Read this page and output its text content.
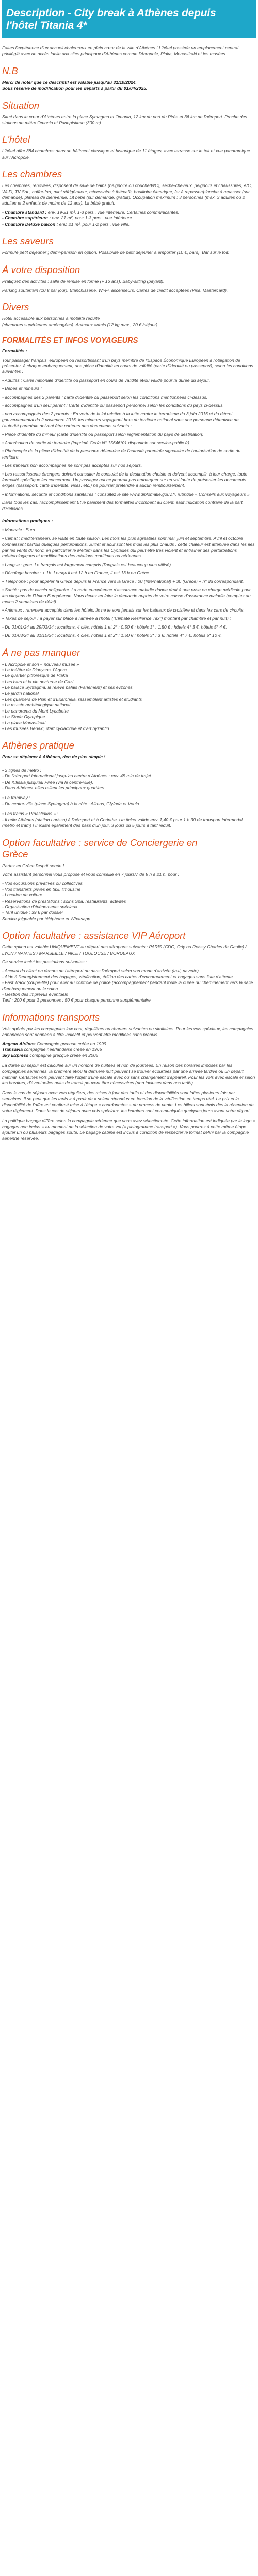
Description - City break à Athènes depuis
l'hôtel Titania 4*

Faites l'expérience d'un accueil chaleureux en plein cœur de la ville d'Athènes ! L'hôtel possède un emplacement central privilégié avec un accès facile aux sites principaux d'Athènes comme l'Acropole, Plaka, Monastiraki et les musées.

N.B

Merci de noter que ce descriptif est valable jusqu'au 31/10/2024.

Sous réserve de modification pour les départs à partir du 01/04/2025.

Situation

Situé dans le cœur d'Athènes entre la place Syntagma et Omonia, 12 km du port du Pirée et 36 km de l'aéroport. Proche des stations de métro Omonia et Panepistimio (300 m).

L'hôtel

L'hôtel offre 384 chambres dans un bâtiment classique et historique de 11 étages, avec terrasse sur le toit et vue panoramique sur l'Acropole.

Les chambres

Les chambres, rénovées, disposent de salle de bains (baignoire ou douche/WC), sèche-cheveux, peignoirs et chaussures, A/C, Wi-Fi, TV Sat., coffre-fort, mini réfrigérateur, nécessaire à thé/café, bouilloire électrique, fer à repasser/planche à repasser (sur demande), plateau de bienvenue. Lit bébé (sur demande, gratuit). Occupation maximum : 3 personnes (max. 3 adultes ou 2 adultes et 2 enfants de moins de 12 ans). Lit bébé gratuit.

- Chambre standard : env. 19-21 m², 1-3 pers., vue intérieure. Certaines communicantes.

- Chambre supérieure : env. 21 m², pour 1-3 pers., vue intérieure.

- Chambre Deluxe balcon : env. 21 m², pour 1-2 pers., vue ville.

Les saveurs

Formule petit déjeuner ; demi-pension en option. Possibilité de petit déjeuner à emporter (10 €, bars). Bar sur le toit.

À votre disposition

Pratiquez des activités : salle de remise en forme (+ 16 ans). Baby-sitting (payant).

Parking souterrain (10 € par jour). Blanchisserie. Wi-Fi, ascenseurs. Cartes de crédit acceptées (Visa, Mastercard).

Divers

Hôtel accessible aux personnes à mobilité réduite

(chambres supérieures aménagées). Animaux admis (12 kg max., 20 € /séjour).

FORMALITÉS ET INFOS VOYAGEURS

Formalités :

Tout passager français, européen ou ressortissant d'un pays membre de l'Espace Économique Européen a l'obligation de présenter, à chaque embarquement, une pièce d'identité en cours de validité (carte d'identité ou passeport), selon les conditions suivantes :

• Adultes : Carte nationale d'identité ou passeport en cours de validité et/ou valide pour la durée du séjour.

• Bébés et mineurs :

- accompagnés des 2 parents : carte d'identité ou passeport selon les conditions mentionnées ci-dessus.

- accompagnés d'un seul parent : Carte d'identité ou passeport personnel selon les conditions du pays ci-dessus.

- non accompagnés des 2 parents : En vertu de la loi relative à la lutte contre le terrorisme du 3 juin 2016 et du décret gouvernemental du 2 novembre 2016, les mineurs voyageant hors du territoire national sans une personne détentrice de l'autorité parentale doivent être porteurs des documents suivants :

• Pièce d'identité du mineur (carte d'identité ou passeport selon réglementation du pays de destination)

• Autorisation de sortie du territoire (imprimé Cerfa N° 15646*01 disponible sur service-public.fr)

• Photocopie de la pièce d'identité de la personne détentrice de l'autorité parentale signataire de l'autorisation de sortie du territoire.

- Les mineurs non accompagnés ne sont pas acceptés sur nos séjours.

• Les ressortissants étrangers doivent consulter le consulat de la destination choisie et doivent accomplir, à leur charge, toute formalité spécifique les concernant. Un passager qui ne pourrait pas embarquer sur un vol faute de présenter les documents exigés (passeport, carte d'identité, visas, etc.) ne pourrait prétendre à aucun remboursement.

• Informations, sécurité et conditions sanitaires : consultez le site www.diplomatie.gouv.fr, rubrique « Conseils aux voyageurs »

Dans tous les cas, l'accomplissement Et le paiement des formalités incombent au client, sauf indication contraire de la part d'Héliades.

Informations pratiques :

• Monnaie : Euro

• Climat : méditerranéen, se visite en toute saison. Les mois les plus agréables sont mai, juin et septembre. Avril et octobre connaissent parfois quelques perturbations. Juillet et août sont les mois les plus chauds ; cette chaleur est atténuée dans les îles par les vents du nord, en particulier le Meltem dans les Cyclades qui peut être très violent et entraîner des perturbations météorologiques et modifications des rotations maritimes ou aériennes.

• Langue : grec. Le français est largement compris (l'anglais est beaucoup plus utilisé).

• Décalage horaire : + 1h. Lorsqu'il est 12 h en France, il est 13 h en Grèce.

• Téléphone : pour appeler la Grèce depuis la France vers la Grèce : 00 (International) + 30 (Grèce) + n° du correspondant.

• Santé : pas de vaccin obligatoire. La carte européenne d'assurance maladie donne droit à une prise en charge médicale pour les citoyens de l'Union Européenne. Vous devez en faire la demande auprès de votre caisse d'assurance maladie (comptez au moins 2 semaines de délai).

• Animaux : rarement acceptés dans les hôtels, ils ne le sont jamais sur les bateaux de croisière et dans les cars de circuits.

• Taxes de séjour : à payer sur place à l'arrivée à l'hôtel ("Climate Resilience Tax") montant par chambre et par nuit) :

- Du 01/01/24 au 29/02/24 : locations, 4 clés, hôtels 1 et 2* : 0,50 € ; hôtels 3* : 1,50 € ; hôtels 4* 3 €, hôtels 5* 4 €.

- Du 01/03/24 au 31/10/24 : locations, 4 clés, hôtels 1 et 2* : 1,50 € ; hôtels 3* : 3 €, hôtels 4* 7 €, hôtels 5* 10 €.

À ne pas manquer
• L'Acropole et son « nouveau musée »
• Le théâtre de Dionysos, l'Agora
• Le quartier pittoresque de Plaka
• Les bars et la vie nocturne de Gazi
• Le palace Syntagma, la relève palais (Parlement) et ses evzones
• Le jardin national
• Les quartiers de Psiri et d'Exarchéia, rassemblant artistes et étudiants
• Le musée archéologique national
• Le panorama du Mont Lycabette
• Le Stade Olympique
• La place Monastiraki
• Les musées Benaki, d'art cycladique et d'art byzantin
Athènes pratique

Pour se déplacer à Athènes, rien de plus simple !

• 2 lignes de métro :

- De l'aéroport international jusqu'au centre d'Athènes : env. 45 min de trajet.

- De Kifissia jusqu'au Pirée (via le centre-ville).

- Dans Athènes, elles relient les principaux quartiers.

• Le tramway :

- Du centre-ville (place Syntagma) à la côte : Alimos, Glyfada et Voula.

• Les trains « Proastiakos » :

- Il relie Athènes (station Larissa) à l'aéroport et à Corinthe. Un ticket valide env. 1,40 € pour 1 h 30 de transport intermodal (métro et tram) ! Il existe également des pass d'un jour, 3 jours ou 5 jours à tarif réduit.

Option facultative : service de Conciergerie en
Grèce

Partez en Grèce l'esprit serein !

Votre assistant personnel vous propose et vous conseille en 7 jours/7 de 9 h à 21 h, pour :

- Vos excursions privatives ou collectives

- Vos transferts privés en taxi, limousine

- Location de voiture

- Réservations de prestations : soins Spa, restaurants, activités

- Organisation d'événements spéciaux

- Tarif unique : 39 € par dossier

Service joignable par téléphone et Whatsapp

Option facultative : assistance VIP Aéroport

Cette option est valable UNIQUEMENT au départ des aéroports suivants : PARIS (CDG, Orly ou Roissy Charles de Gaulle) / LYON / NANTES / MARSEILLE / NICE / TOULOUSE / BORDEAUX

Ce service inclut les prestations suivantes :

- Accueil du client en dehors de l'aéroport ou dans l'aéroport selon son mode d'arrivée (taxi, navette)

- Aide à l'enregistrement des bagages, vérification, édition des cartes d'embarquement et bagages sans liste d'attente

- Fast Track (coupe-file) pour aller au contrôle de police (accompagnement pendant toute la durée du cheminement vers la salle d'embarquement ou le salon

- Gestion des imprévus éventuels

Tarif : 200 € pour 2 personnes ; 50 € pour chaque personne supplémentaire

Informations transports

Vols opérés par les compagnies low cost, régulières ou charters suivantes ou similaires. Pour les vols spéciaux, les compagnies annoncées sont données à titre indicatif et peuvent être modifiées sans préavis.

Aegean Airlines Compagnie grecque créée en 1999

Transavia compagnie néerlandaise créée en 1965

Sky Express compagnie grecque créée en 2005

La durée du séjour est calculée sur un nombre de nuitées et non de journées. En raison des horaires imposés par les compagnies aériennes, la première et/ou la dernière nuit peuvent se trouver écourtées par une arrivée tardive ou un départ matinal. Certaines vols peuvent faire l'objet d'une escale avec ou sans changement d'appareil. Pour les vols avec escale et selon les horaires, d'éventuelles nuits de transit peuvent être nécessaires (non incluses dans nos tarifs).

Dans le cas de séjours avec vols réguliers, des mises à jour des tarifs et des disponibilités sont faites plusieurs fois par semaines. Il se peut que les tarifs « à partir de » soient répondus en fonction de la vérification en temps réel. Le prix et la disponibilité de l'offre est confirmé mise à l'étape « coordonnées » du process de vente. Les billets sont émis dès la réception de votre règlement. Dans le cas de séjours avec vols spéciaux, les horaires sont communiqués quelques jours avant votre départ.

La politique bagage diffère selon la compagnie aérienne que vous avez sélectionnée. Cette information est indiquée par le logo « bagages non inclus » au moment de la sélection de votre vol (« pictogramme transport »). Vous pourrez à cette même étape ajouter un ou plusieurs bagages soute. Le bagage cabine est inclus à condition de respecter le format défini par la compagnie aérienne réservée.
